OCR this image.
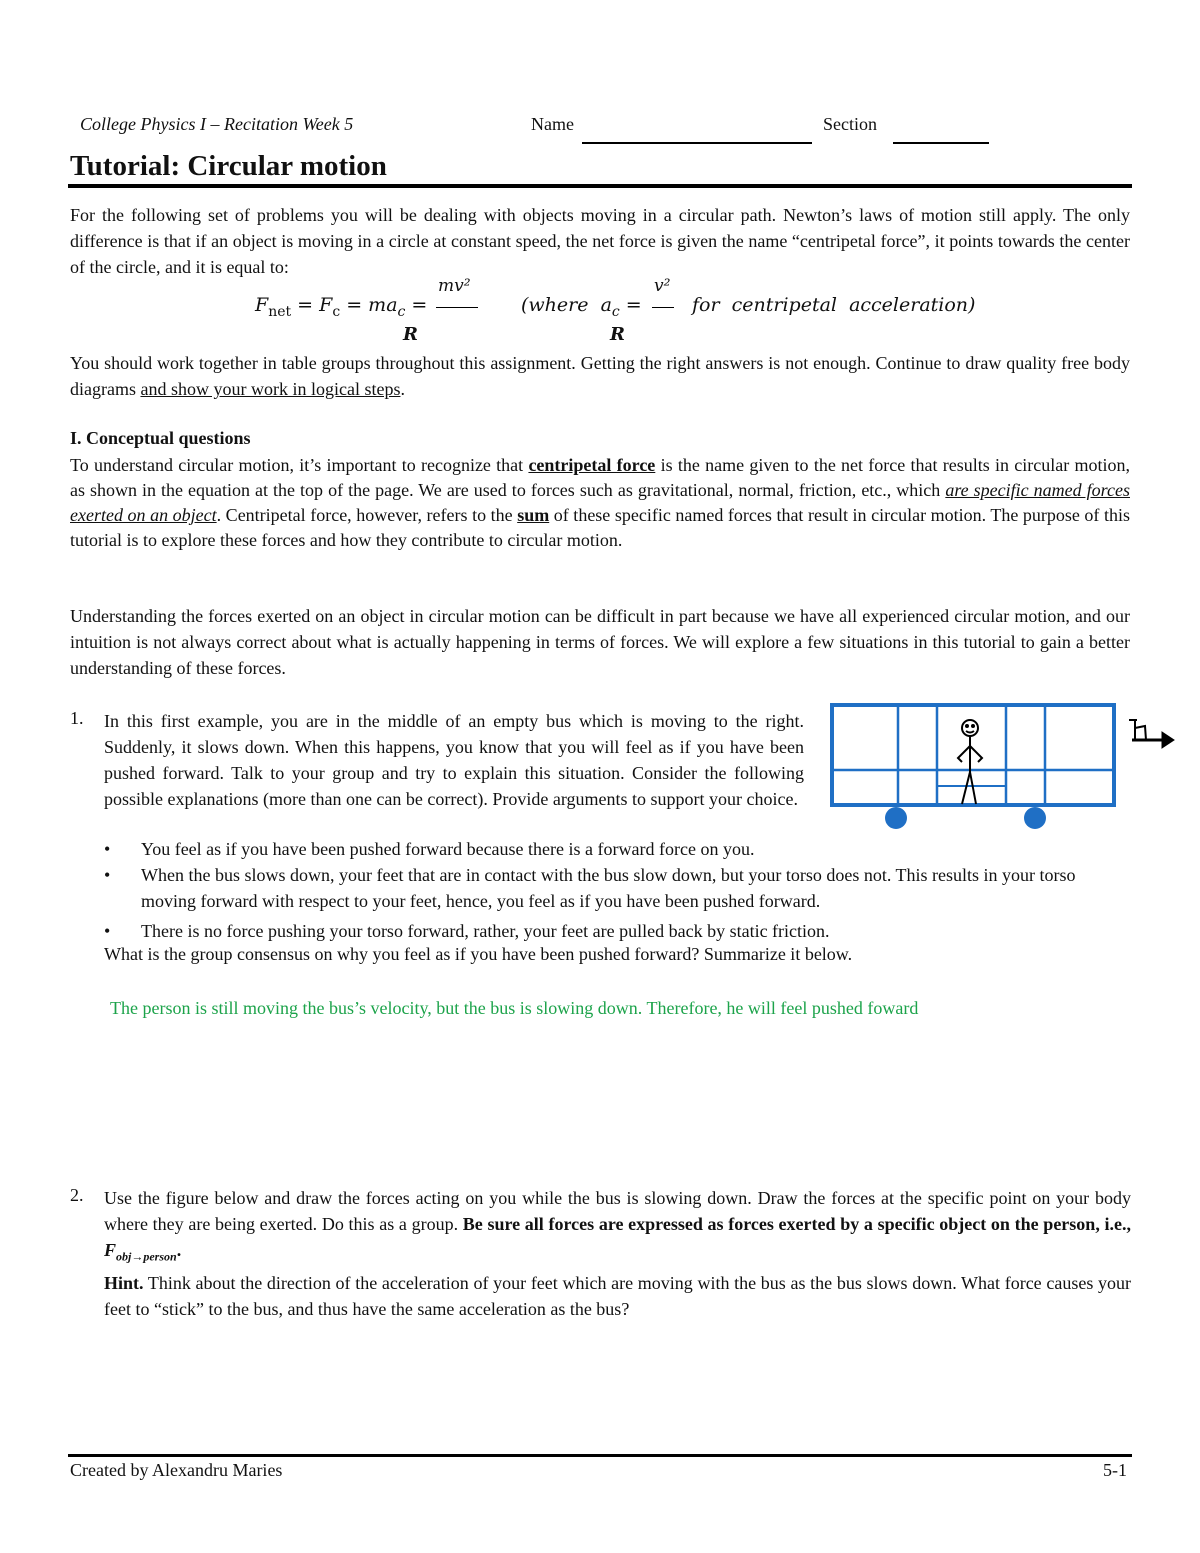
College Physics I – Recitation Week 5	Name	Section
Tutorial: Circular motion
For the following set of problems you will be dealing with objects moving in a circular path. Newton’s laws of motion still apply. The only difference is that if an object is moving in a circle at constant speed, the net force is given the name “centripetal force”, it points towards the center of the circle, and it is equal to:
$F_{net} = F_c = ma_c$ =
mv²
R
(where  $a_c$ =
v²
R
for  centripetal  acceleration)
You should work together in table groups throughout this assignment. Getting the right answers is not enough. Continue to draw quality free body diagrams and show your work in logical steps.
I. Conceptual questions
To understand circular motion, it’s important to recognize that centripetal force is the name given to the net force that results in circular motion, as shown in the equation at the top of the page. We are used to forces such as gravitational, normal, friction, etc., which are specific named forces exerted on an object. Centripetal force, however, refers to the sum of these specific named forces that result in circular motion. The purpose of this tutorial is to explore these forces and how they contribute to circular motion.
Understanding the forces exerted on an object in circular motion can be difficult in part because we have all experienced circular motion, and our intuition is not always correct about what is actually happening in terms of forces. We will explore a few situations in this tutorial to gain a better understanding of these forces.
1. In this first example, you are in the middle of an empty bus which is moving to the right. Suddenly, it slows down. When this happens, you know that you will feel as if you have been pushed forward. Talk to your group and try to explain this situation. Consider the following possible explanations (more than one can be correct). Provide arguments to support your choice.
• You feel as if you have been pushed forward because there is a forward force on you.
• When the bus slows down, your feet that are in contact with the bus slow down, but your torso does not. This results in your torso moving forward with respect to your feet, hence, you feel as if you have been pushed forward.
• There is no force pushing your torso forward, rather, your feet are pulled back by static friction.
What is the group consensus on why you feel as if you have been pushed forward? Summarize it below.
The person is still moving the bus’s velocity, but the bus is slowing down. Therefore, he will feel pushed foward
2. Use the figure below and draw the forces acting on you while the bus is slowing down. Draw the forces at the specific point on your body where they are being exerted. Do this as a group. Be sure all forces are expressed as forces exerted by a specific object on the person, i.e., $F_{obj\to person}$.
Hint. Think about the direction of the acceleration of your feet which are moving with the bus as the bus slows down. What force causes your feet to “stick” to the bus, and thus have the same acceleration as the bus?
Created by Alexandru Maries	5-1
